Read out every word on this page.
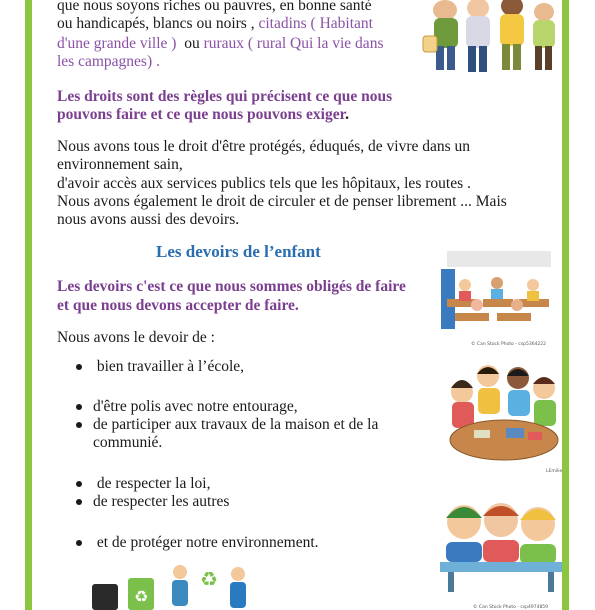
que nous soyons riches ou pauvres, en bonne santé

ou handicapés, blancs ou noirs , citadins ( Habitant

d'une grande ville ) ou ruraux ( rural Qui la vie dans

les campagnes) .

Les droits sont des règles qui précisent ce que nous

pouvons faire et ce que nous pouvons exiger.

Nous avons tous le droit d'être protégés, éduqués, de vivre dans un

environnement sain,

d'avoir accès aux services publics tels que les hôpitaux, les routes .

Nous avons également le droit de circuler et de penser librement ... Mais

nous avons aussi des devoirs.

Les devoirs de l’enfant

© Can Stock Photo - csp5364222

Les devoirs c'est ce que nous sommes obligés de faire

et que nous devons accepter de faire.

Nous avons le devoir de :

bien travailler à l’école,
d'être polis avec notre entourage,
de participer aux travaux de la maison et de la
communié.
de respecter la loi,
de respecter les autres
et de protéger notre environnement.

LEmilie

© Can Stock Photo - csp4974859

♻
♻
